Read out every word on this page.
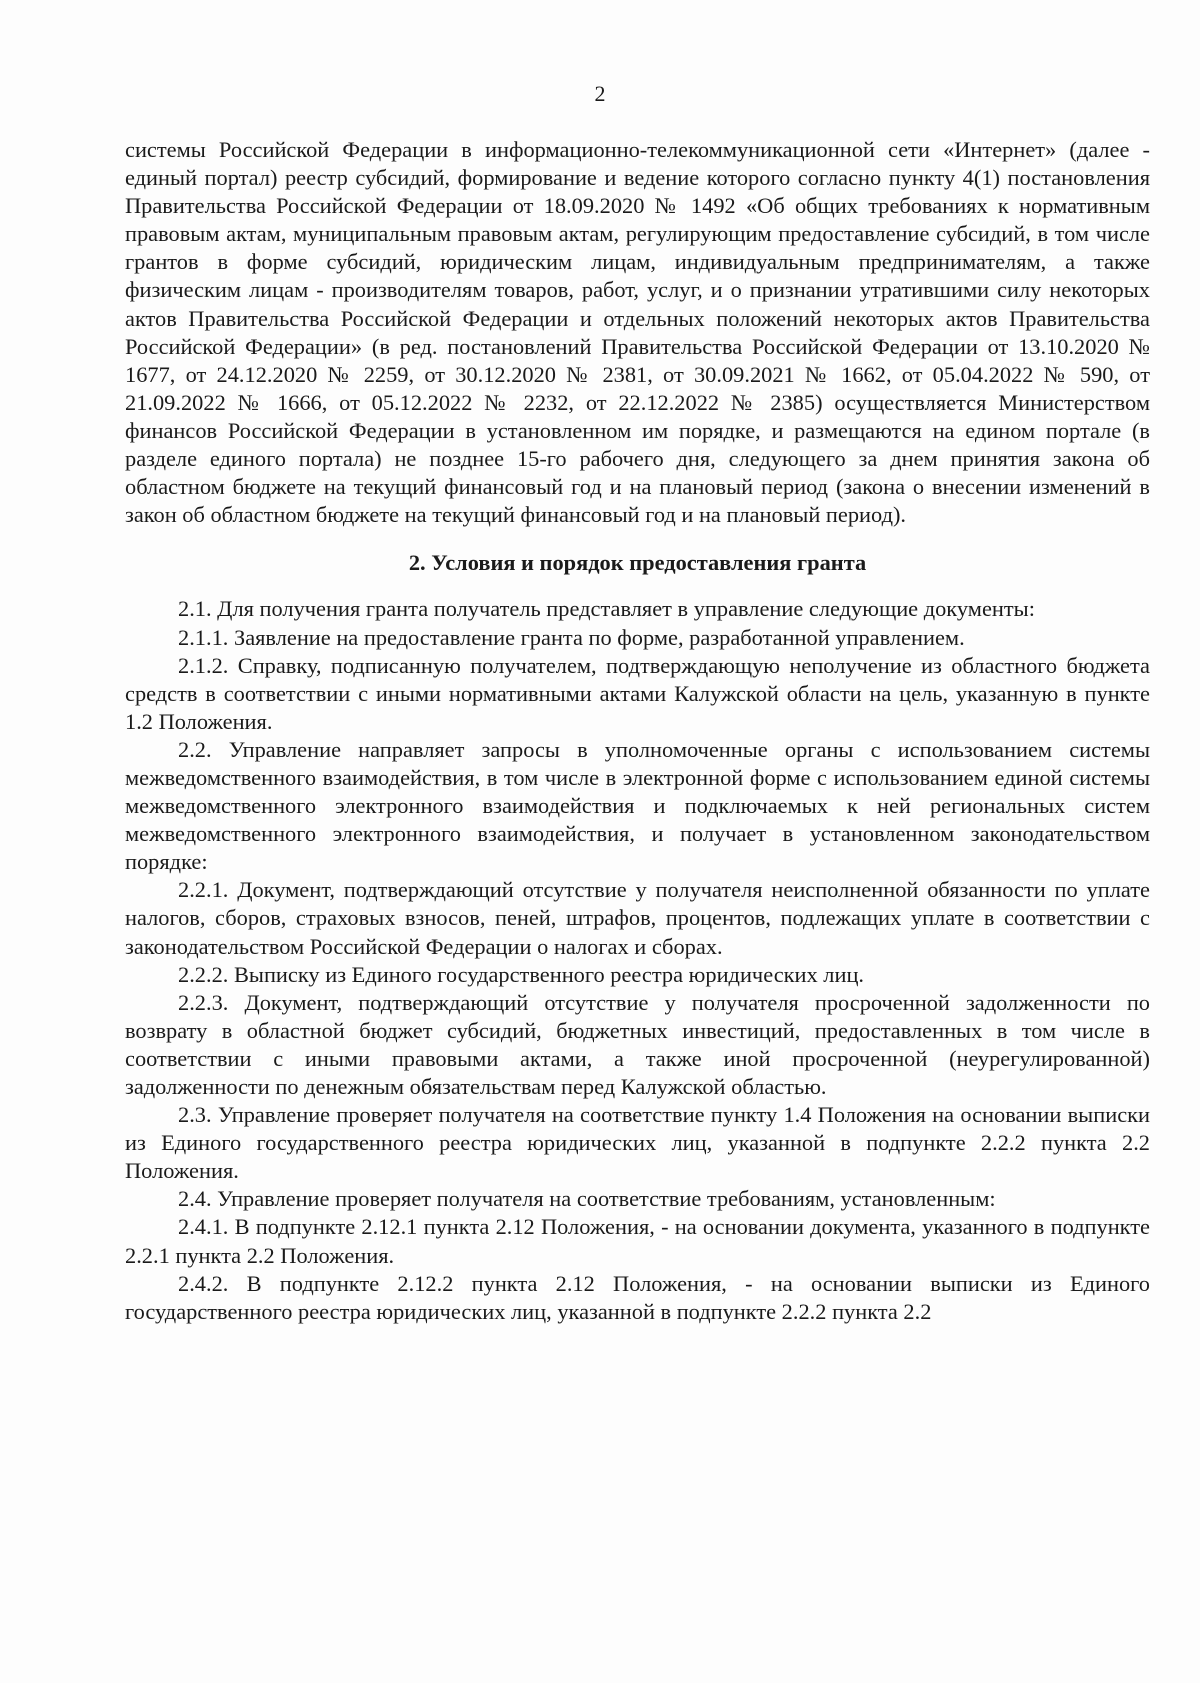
2

системы Российской Федерации в информационно-телекоммуникационной сети «Интернет» (далее - единый портал) реестр субсидий, формирование и ведение которого согласно пункту 4(1) постановления Правительства Российской Федерации от 18.09.2020 № 1492 «Об общих требованиях к нормативным правовым актам, муниципальным правовым актам, регулирующим предоставление субсидий, в том числе грантов в форме субсидий, юридическим лицам, индивидуальным предпринимателям, а также физическим лицам - производителям товаров, работ, услуг, и о признании утратившими силу некоторых актов Правительства Российской Федерации и отдельных положений некоторых актов Правительства Российской Федерации» (в ред. постановлений Правительства Российской Федерации от 13.10.2020 № 1677, от 24.12.2020 № 2259, от 30.12.2020 № 2381, от 30.09.2021 № 1662, от 05.04.2022 № 590, от 21.09.2022 № 1666, от 05.12.2022 № 2232, от 22.12.2022 № 2385) осуществляется Министерством финансов Российской Федерации в установленном им порядке, и размещаются на едином портале (в разделе единого портала) не позднее 15-го рабочего дня, следующего за днем принятия закона об областном бюджете на текущий финансовый год и на плановый период (закона о внесении изменений в закон об областном бюджете на текущий финансовый год и на плановый период).

2. Условия и порядок предоставления гранта

2.1. Для получения гранта получатель представляет в управление следующие документы:

2.1.1. Заявление на предоставление гранта по форме, разработанной управлением.

2.1.2. Справку, подписанную получателем, подтверждающую неполучение из областного бюджета средств в соответствии с иными нормативными актами Калужской области на цель, указанную в пункте 1.2 Положения.

2.2. Управление направляет запросы в уполномоченные органы с использованием системы межведомственного взаимодействия, в том числе в электронной форме с использованием единой системы межведомственного электронного взаимодействия и подключаемых к ней региональных систем межведомственного электронного взаимодействия, и получает в установленном законодательством порядке:

2.2.1. Документ, подтверждающий отсутствие у получателя неисполненной обязанности по уплате налогов, сборов, страховых взносов, пеней, штрафов, процентов, подлежащих уплате в соответствии с законодательством Российской Федерации о налогах и сборах.

2.2.2. Выписку из Единого государственного реестра юридических лиц.

2.2.3. Документ, подтверждающий отсутствие у получателя просроченной задолженности по возврату в областной бюджет субсидий, бюджетных инвестиций, предоставленных в том числе в соответствии с иными правовыми актами, а также иной просроченной (неурегулированной) задолженности по денежным обязательствам перед Калужской областью.

2.3. Управление проверяет получателя на соответствие пункту 1.4 Положения на основании выписки из Единого государственного реестра юридических лиц, указанной в подпункте 2.2.2 пункта 2.2 Положения.

2.4. Управление проверяет получателя на соответствие требованиям, установленным:

2.4.1. В подпункте 2.12.1 пункта 2.12 Положения, - на основании документа, указанного в подпункте 2.2.1 пункта 2.2 Положения.

2.4.2. В подпункте 2.12.2 пункта 2.12 Положения, - на основании выписки из Единого государственного реестра юридических лиц, указанной в подпункте 2.2.2 пункта 2.2
